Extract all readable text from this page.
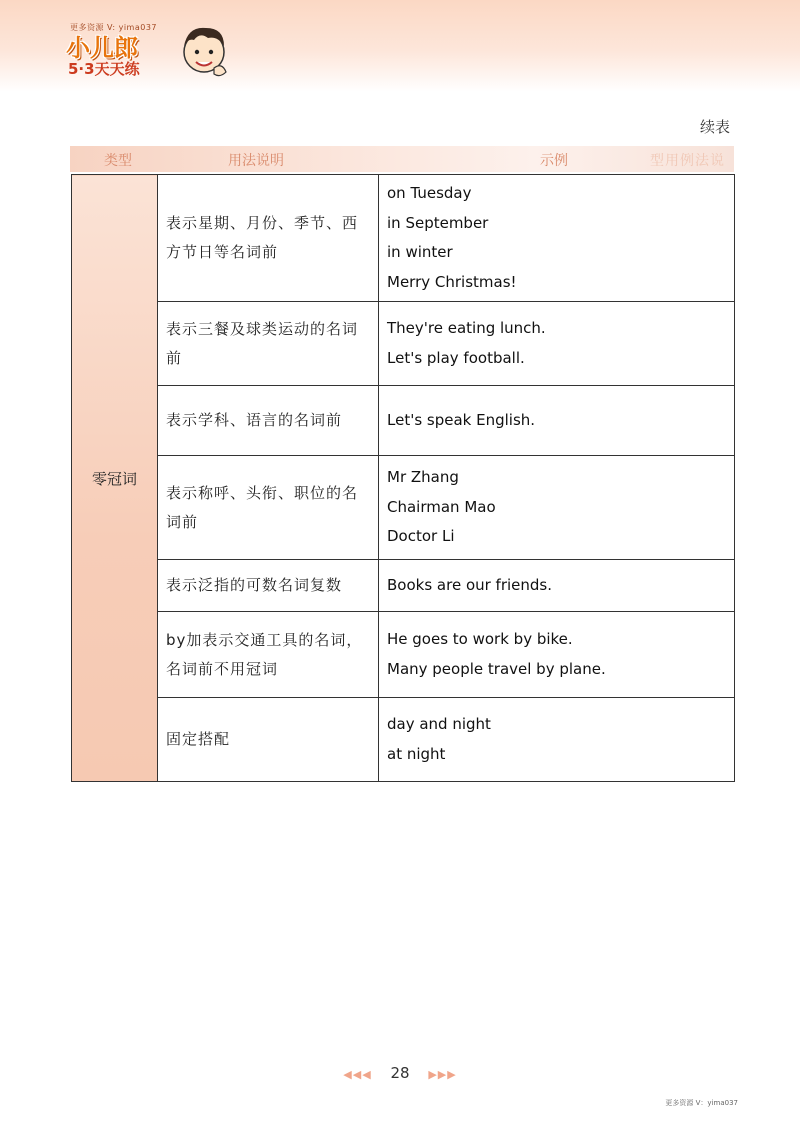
更多资源 V: yima037
小儿郎
5·3天天练
续表
类型	用法说明	示例	型用例法说
零冠词	表示星期、月份、季节、西方节日等名词前	on Tuesday
in September
in winter
Merry Christmas!

	表示三餐及球类运动的名词前	They're eating lunch.
Let's play football.

	表示学科、语言的名词前	Let's speak English.

	表示称呼、头衔、职位的名词前	Mr Zhang
Chairman Mao
Doctor Li

	表示泛指的可数名词复数	Books are our friends.

	by加表示交通工具的名词，名词前不用冠词	He goes to work by bike.
Many people travel by plane.

	固定搭配	day and night
at night
◀◀◀ 28 ▶▶▶
更多资源 V：yima037
